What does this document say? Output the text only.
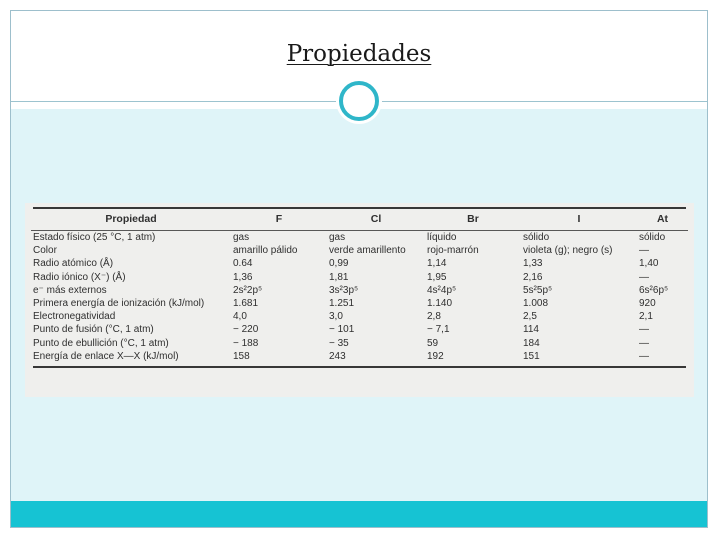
Propiedades
Propiedad	F	Cl	Br	I	At
Estado físico (25 °C, 1 atm)	gas	gas	líquido	sólido	sólido
Color	amarillo pálido	verde amarillento	rojo-marrón	violeta (g); negro (s)	—
Radio atómico (Å)	0.64	0,99	1,14	1,33	1,40
Radio iónico (X⁻) (Å)	1,36	1,81	1,95	2,16	—
e⁻ más externos	2s²2p⁵	3s²3p⁵	4s²4p⁵	5s²5p⁵	6s²6p⁵
Primera energía de ionización (kJ/mol)	1.681	1.251	1.140	1.008	920
Electronegatividad	4,0	3,0	2,8	2,5	2,1
Punto de fusión (°C, 1 atm)	− 220	− 101	− 7,1	114	—
Punto de ebullición (°C, 1 atm)	− 188	− 35	59	184	—
Energía de enlace X—X (kJ/mol)	158	243	192	151	—
